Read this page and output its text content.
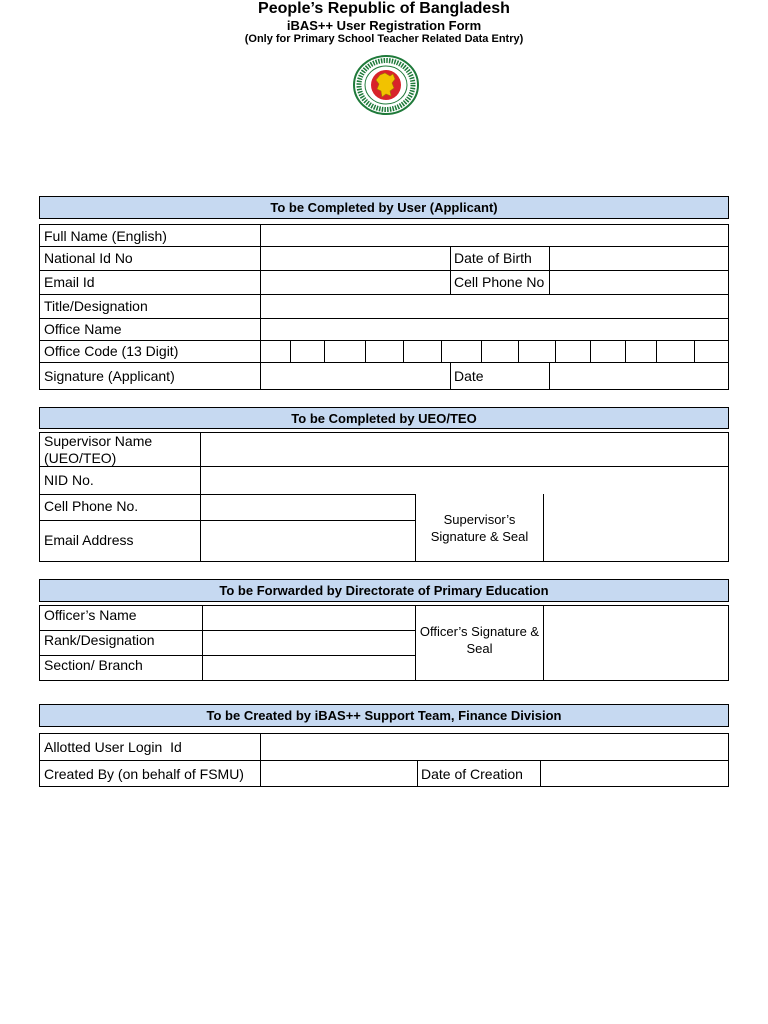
People’s Republic of Bangladesh
iBAS++ User Registration Form
(Only for Primary School Teacher Related Data Entry)
To be Completed by User (Applicant)
Full Name (English)
National Id No	Date of Birth
Email Id	Cell Phone No
Title/Designation
Office Name
Office Code (13 Digit)
Signature (Applicant)	Date
To be Completed by UEO/TEO
Supervisor Name
(UEO/TEO)
NID No.
Cell Phone No.
Email Address
Supervisor’s
Signature & Seal
To be Forwarded by Directorate of Primary Education
Officer’s Name
Rank/Designation
Section/ Branch
Officer’s Signature &
Seal
To be Created by iBAS++ Support Team, Finance Division
Allotted User Login  Id
Created By (on behalf of FSMU)	Date of Creation
